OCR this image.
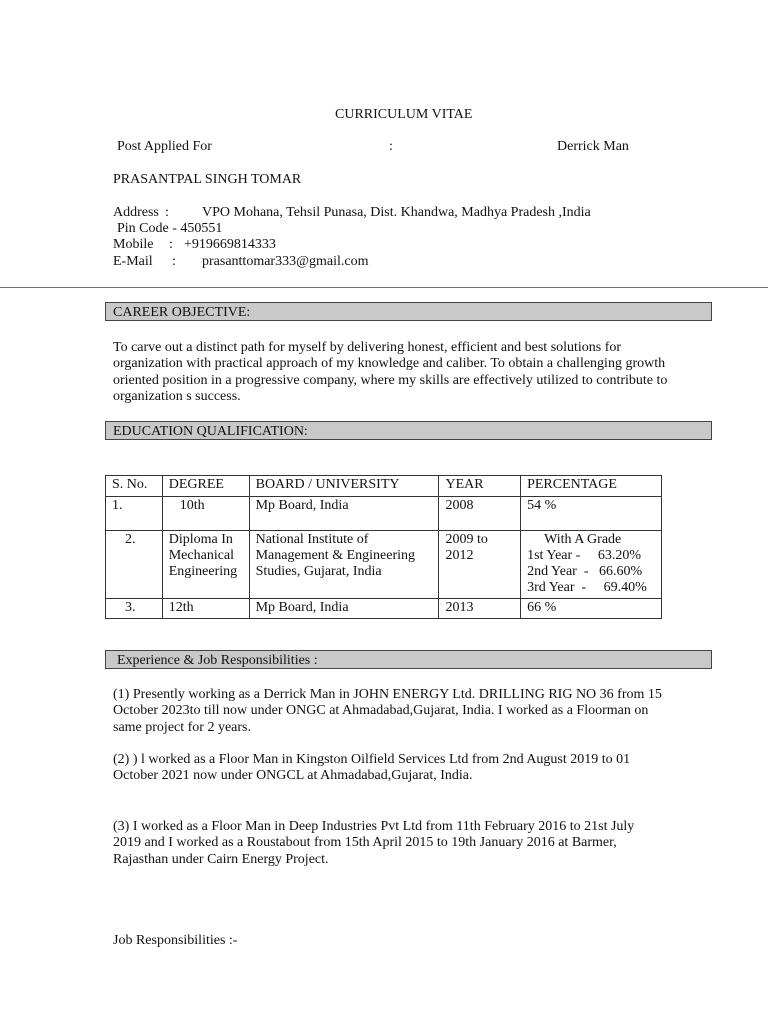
CURRICULUM VITAE
Post Applied For	:	Derrick Man
PRASANTPAL SINGH TOMAR
Address : VPO Mohana, Tehsil Punasa, Dist. Khandwa, Madhya Pradesh ,India
Pin Code - 450551
Mobile : +919669814333
E-Mail : prasanttomar333@gmail.com
CAREER OBJECTIVE:
To carve out a distinct path for myself by delivering honest, efficient and best solutions for organization with practical approach of my knowledge and caliber. To obtain a challenging growth oriented position in a progressive company, where my skills are effectively utilized to contribute to organization s success.
EDUCATION QUALIFICATION:
S. No.	DEGREE	BOARD / UNIVERSITY	YEAR	PERCENTAGE
1.	10th	Mp Board, India	2008	54 %
2.	Diploma In Mechanical Engineering	National Institute of Management & Engineering Studies, Gujarat, India	2009 to 2012	With A Grade
1st Year -     63.20%
2nd Year  -   66.60%
3rd Year  -     69.40%

3.	12th	Mp Board, India	2013	66 %
Experience & Job Responsibilities :
(1) Presently working as a Derrick Man in JOHN ENERGY Ltd. DRILLING RIG NO 36 from 15 October 2023to till now under ONGC at Ahmadabad,Gujarat, India. I worked as a Floorman on same project for 2 years.
(2) ) l worked as a Floor Man in Kingston Oilfield Services Ltd from 2nd August 2019 to 01 October 2021 now under ONGCL at Ahmadabad,Gujarat, India.
(3) I worked as a Floor Man in Deep Industries Pvt Ltd from 11th February 2016 to 21st July 2019 and I worked as a Roustabout from 15th April 2015 to 19th January 2016 at Barmer, Rajasthan under Cairn Energy Project.
Job Responsibilities :-
